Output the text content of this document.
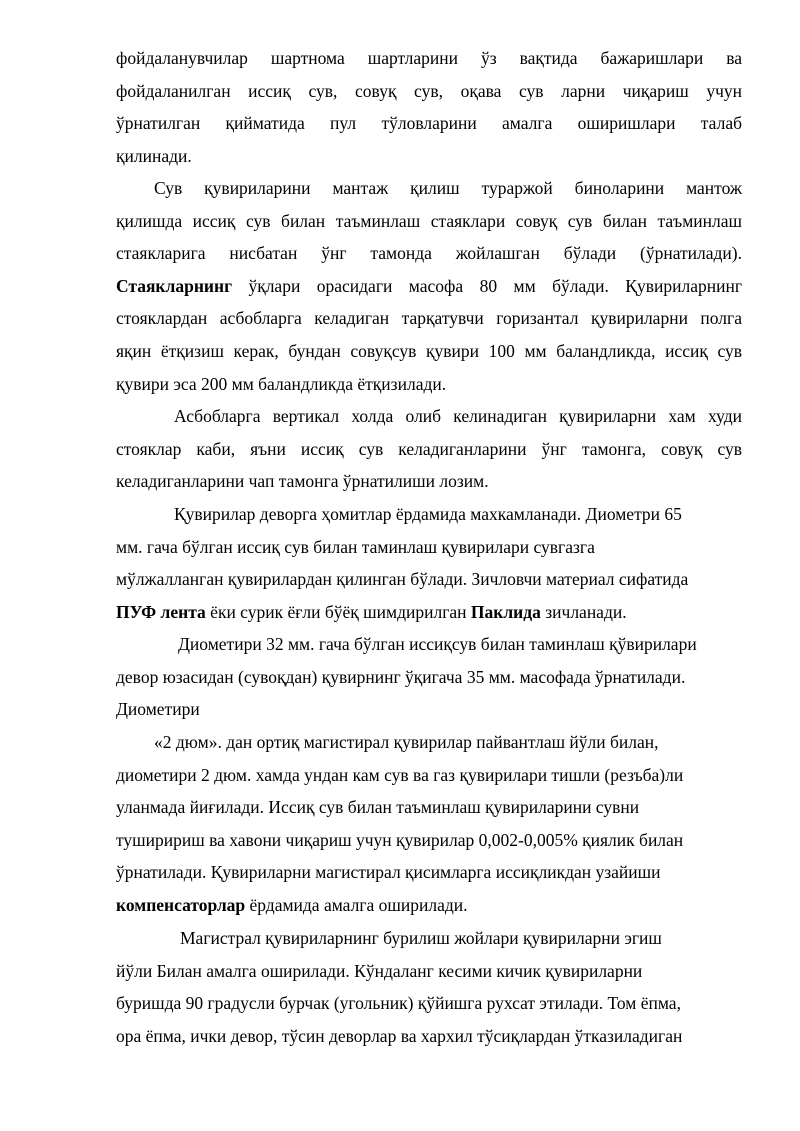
фойдаланувчилар шартнома шартларини ўз вақтида бажаришлари ва
фойдаланилган иссиқ сув, совуқ сув, оқава сув ларни чиқариш учун
ўрнатилган қийматида пул тўловларини амалга оширишлари талаб
қилинади.
Сув қувириларини мантаж қилиш тураржой биноларини мантож
қилишда иссиқ сув билан таъминлаш стаяклари совуқ сув билан таъминлаш
стаякларига нисбатан ўнг тамонда жойлашган бўлади (ўрнатилади).
Стаякларнинг ўқлари орасидаги масофа 80 мм бўлади. Қувириларнинг
стояклардан асбобларга келадиган тарқатувчи горизантал қувириларни полга
яқин ётқизиш керак, бундан совуқсув қувири 100 мм баландликда, иссиқ сув
қувири эса 200 мм баландликда ётқизилади.
Асбобларга вертикал холда олиб келинадиган қувириларни хам худи
стояклар каби, яъни иссиқ сув келадиганларини ўнг тамонга, совуқ сув
келадиганларини чап тамонга ўрнатилиши лозим.
Қувирилар деворга ҳомитлар ёрдамида махкамланади. Диометри 65
мм. гача бўлган иссиқ сув билан таминлаш қувирилари сувгазга
мўлжалланган қувирилардан қилинган бўлади. Зичловчи материал сифатида
ПУФ лента ёки сурик ёғли бўёқ шимдирилган Паклида зичланади.
Диометири 32 мм. гача бўлган иссиқсув билан таминлаш қўвирилари
девор юзасидан (сувоқдан) қувирнинг ўқигача 35 мм. масофада ўрнатилади.
Диометири
«2 дюм». дан ортиқ магистирал қувирилар пайвантлаш йўли билан,
диометири 2 дюм. хамда ундан кам сув ва газ қувирилари тишли (резъба)ли
уланмада йиғилади. Иссиқ сув билан таъминлаш қувириларини сувни
туширириш ва хавони чиқариш учун қувирилар 0,002-0,005% қиялик билан
ўрнатилади. Қувириларни магистирал қисимларга иссиқликдан узайиши
компенсаторлар ёрдамида амалга оширилади.
Магистрал қувириларнинг бурилиш жойлари қувириларни эгиш
йўли Билан амалга оширилади. Кўндаланг кесими кичик қувириларни
буришда 90 градусли бурчак (угольник) қўйишга рухсат этилади. Том ёпма,
ора ёпма, ички девор, тўсин деворлар ва хархил тўсиқлардан ўтказиладиган
